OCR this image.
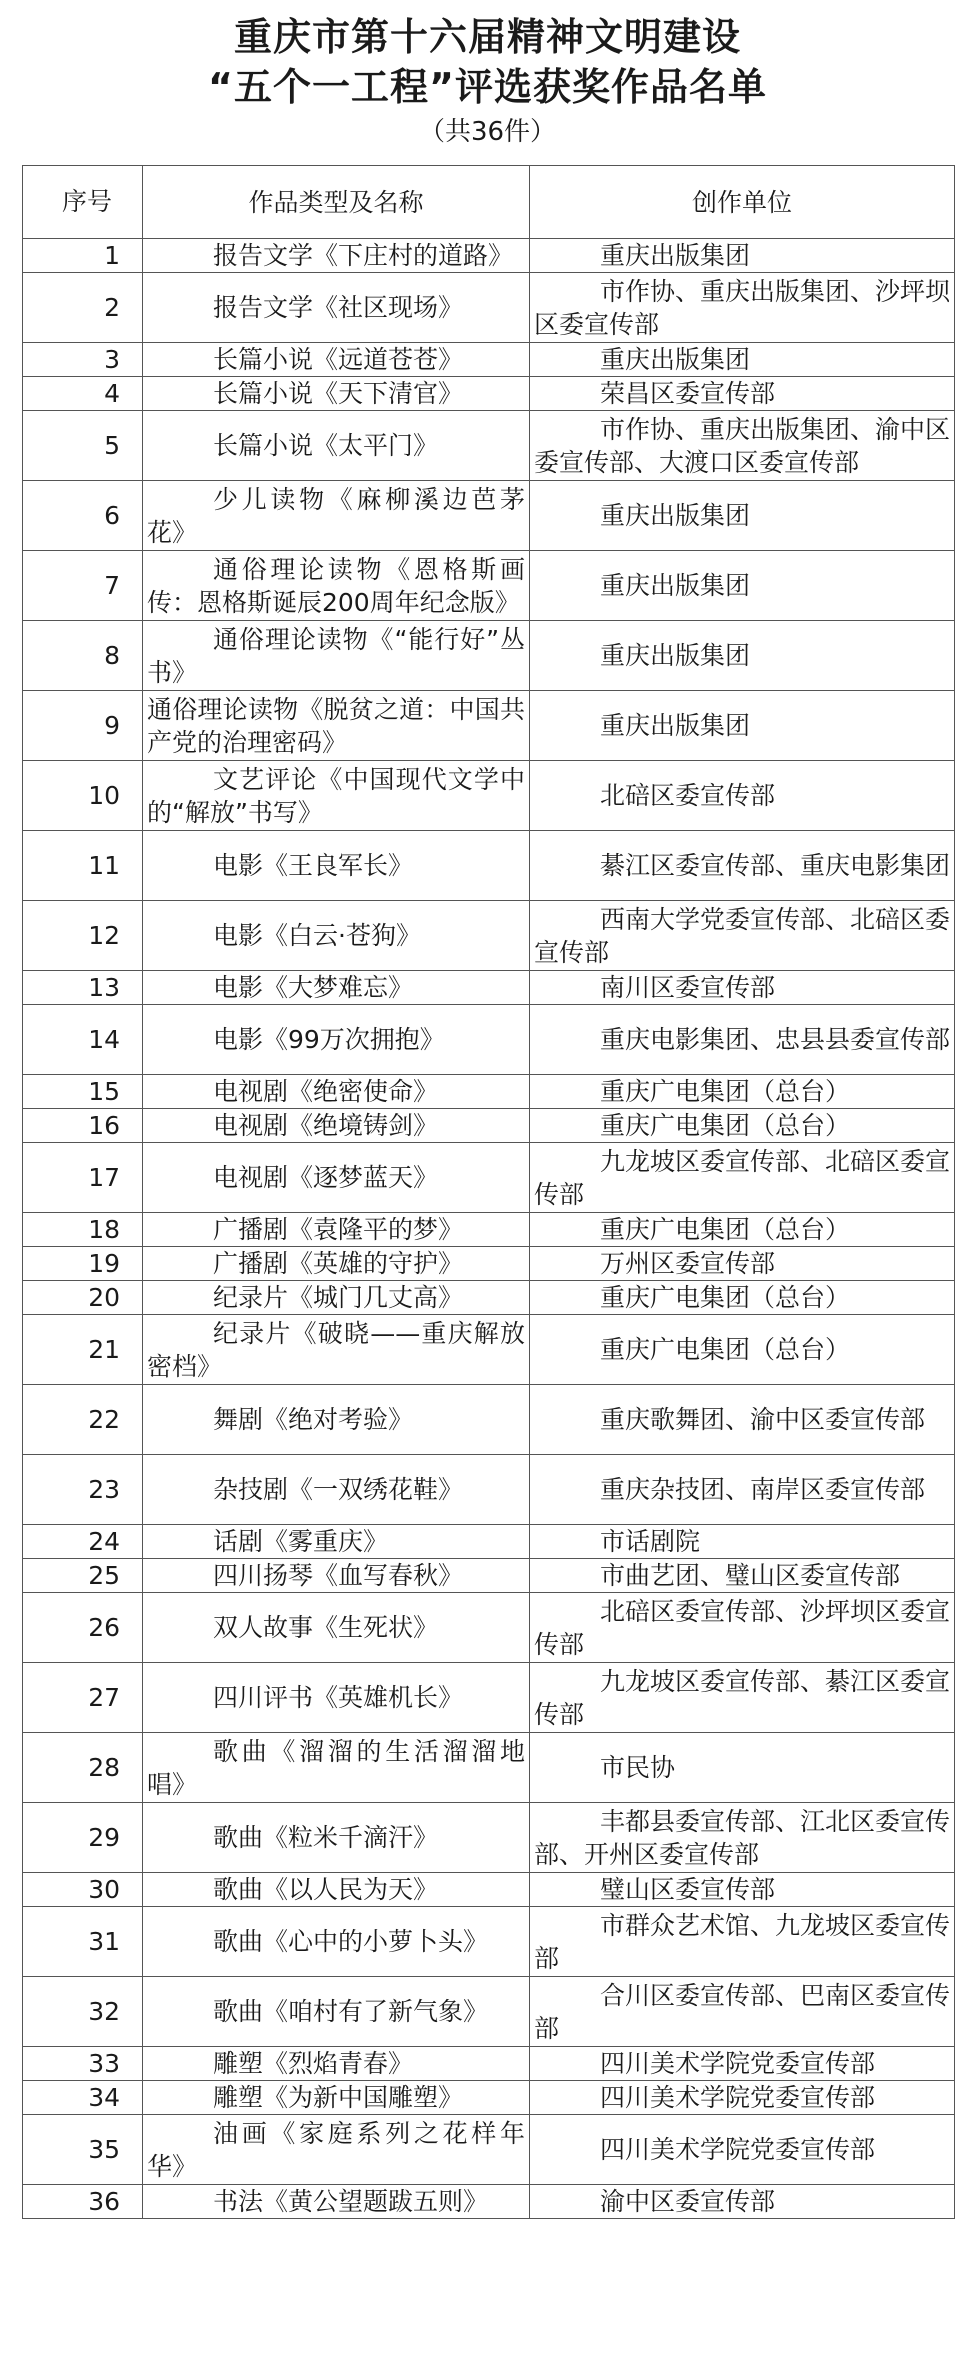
重庆市第十六届精神文明建设
“五个一工程”评选获奖作品名单
（共36件）
序号	作品类型及名称	创作单位
1	报告文学《下庄村的道路》	重庆出版集团
2	报告文学《社区现场》	市作协、重庆出版集团、沙坪坝区委宣传部
3	长篇小说《远道苍苍》	重庆出版集团
4	长篇小说《天下清官》	荣昌区委宣传部
5	长篇小说《太平门》	市作协、重庆出版集团、渝中区委宣传部、大渡口区委宣传部
6	少儿读物《麻柳溪边芭茅花》	重庆出版集团
7	通俗理论读物《恩格斯画传：恩格斯诞辰200周年纪念版》	重庆出版集团
8	通俗理论读物《“能行好”丛书》	重庆出版集团
9	通俗理论读物《脱贫之道：中国共产党的治理密码》	重庆出版集团
10	文艺评论《中国现代文学中的“解放”书写》	北碚区委宣传部
11	电影《王良军长》	綦江区委宣传部、重庆电影集团
12	电影《白云·苍狗》	西南大学党委宣传部、北碚区委宣传部
13	电影《大梦难忘》	南川区委宣传部
14	电影《99万次拥抱》	重庆电影集团、忠县县委宣传部
15	电视剧《绝密使命》	重庆广电集团（总台）
16	电视剧《绝境铸剑》	重庆广电集团（总台）
17	电视剧《逐梦蓝天》	九龙坡区委宣传部、北碚区委宣传部
18	广播剧《袁隆平的梦》	重庆广电集团（总台）
19	广播剧《英雄的守护》	万州区委宣传部
20	纪录片《城门几丈高》	重庆广电集团（总台）
21	纪录片《破晓——重庆解放密档》	重庆广电集团（总台）
22	舞剧《绝对考验》	重庆歌舞团、渝中区委宣传部
23	杂技剧《一双绣花鞋》	重庆杂技团、南岸区委宣传部
24	话剧《雾重庆》	市话剧院
25	四川扬琴《血写春秋》	市曲艺团、璧山区委宣传部
26	双人故事《生死状》	北碚区委宣传部、沙坪坝区委宣传部
27	四川评书《英雄机长》	九龙坡区委宣传部、綦江区委宣传部
28	歌曲《溜溜的生活溜溜地唱》	市民协
29	歌曲《粒米千滴汗》	丰都县委宣传部、江北区委宣传部、开州区委宣传部
30	歌曲《以人民为天》	璧山区委宣传部
31	歌曲《心中的小萝卜头》	市群众艺术馆、九龙坡区委宣传部
32	歌曲《咱村有了新气象》	合川区委宣传部、巴南区委宣传部
33	雕塑《烈焰青春》	四川美术学院党委宣传部
34	雕塑《为新中国雕塑》	四川美术学院党委宣传部
35	油画《家庭系列之花样年华》	四川美术学院党委宣传部
36	书法《黄公望题跋五则》	渝中区委宣传部
